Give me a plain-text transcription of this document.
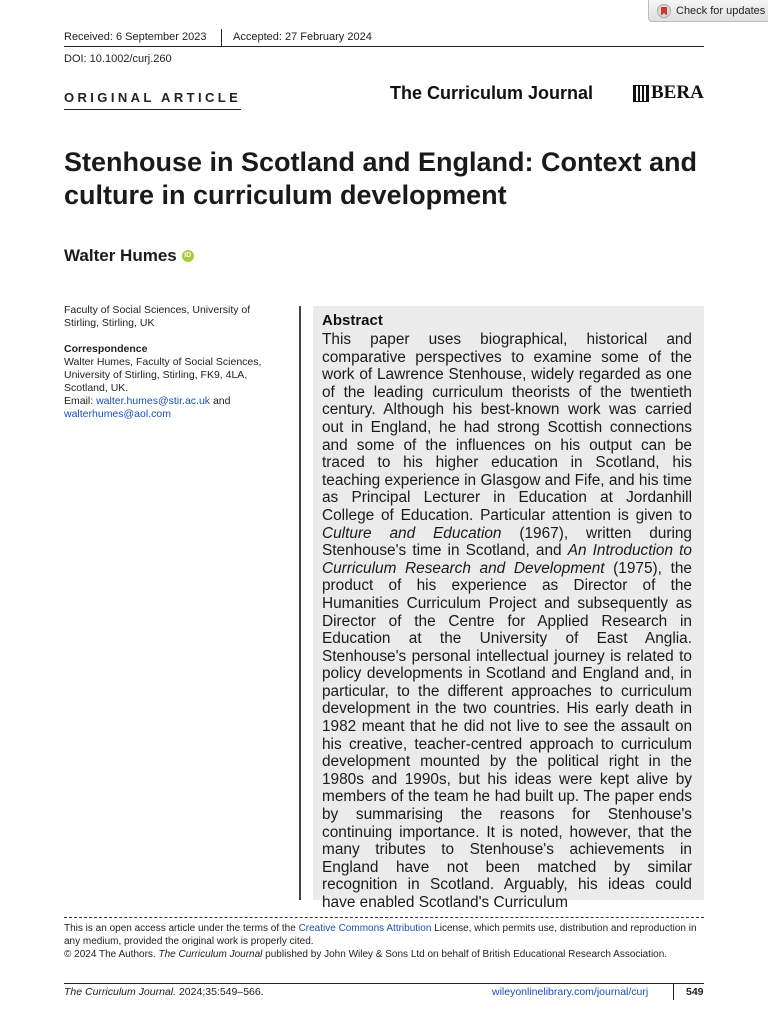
Check for updates
Received: 6 September 2023 Accepted: 27 February 2024
DOI: 10.1002/curj.260
ORIGINAL ARTICLE	The Curriculum Journal	BERA
Stenhouse in Scotland and England: Context and culture in curriculum development
Walter Humes	iD
Faculty of Social Sciences, University of Stirling, Stirling, UK
Correspondence
Walter Humes, Faculty of Social Sciences, University of Stirling, Stirling, FK9, 4LA, Scotland, UK.
Email: walter.humes@stir.ac.uk and
walterhumes@aol.com
Abstract
This paper uses biographical, historical and comparative perspectives to examine some of the work of Lawrence Stenhouse, widely regarded as one of the leading curriculum theorists of the twentieth century. Although his best-known work was carried out in England, he had strong Scottish connections and some of the influences on his output can be traced to his higher education in Scotland, his teaching experience in Glasgow and Fife, and his time as Principal Lecturer in Education at Jordanhill College of Education. Particular attention is given to Culture and Education (1967), written during Stenhouse's time in Scotland, and An Introduction to Curriculum Research and Development (1975), the product of his experience as Director of the Humanities Curriculum Project and subsequently as Director of the Centre for Applied Research in Education at the University of East Anglia. Stenhouse's personal intellectual journey is related to policy developments in Scotland and England and, in particular, to the different approaches to curriculum development in the two countries. His early death in 1982 meant that he did not live to see the assault on his creative, teacher-centred approach to curriculum development mounted by the political right in the 1980s and 1990s, but his ideas were kept alive by members of the team he had built up. The paper ends by summarising the reasons for Stenhouse's continuing importance. It is noted, however, that the many tributes to Stenhouse's achievements in England have not been matched by similar recognition in Scotland. Arguably, his ideas could have enabled Scotland's Curriculum
This is an open access article under the terms of the Creative Commons Attribution License, which permits use, distribution and reproduction in any medium, provided the original work is properly cited.
© 2024 The Authors. The Curriculum Journal published by John Wiley & Sons Ltd on behalf of British Educational Research Association.
The Curriculum Journal. 2024;35:549–566.	wileyonlinelibrary.com/journal/curj	549
